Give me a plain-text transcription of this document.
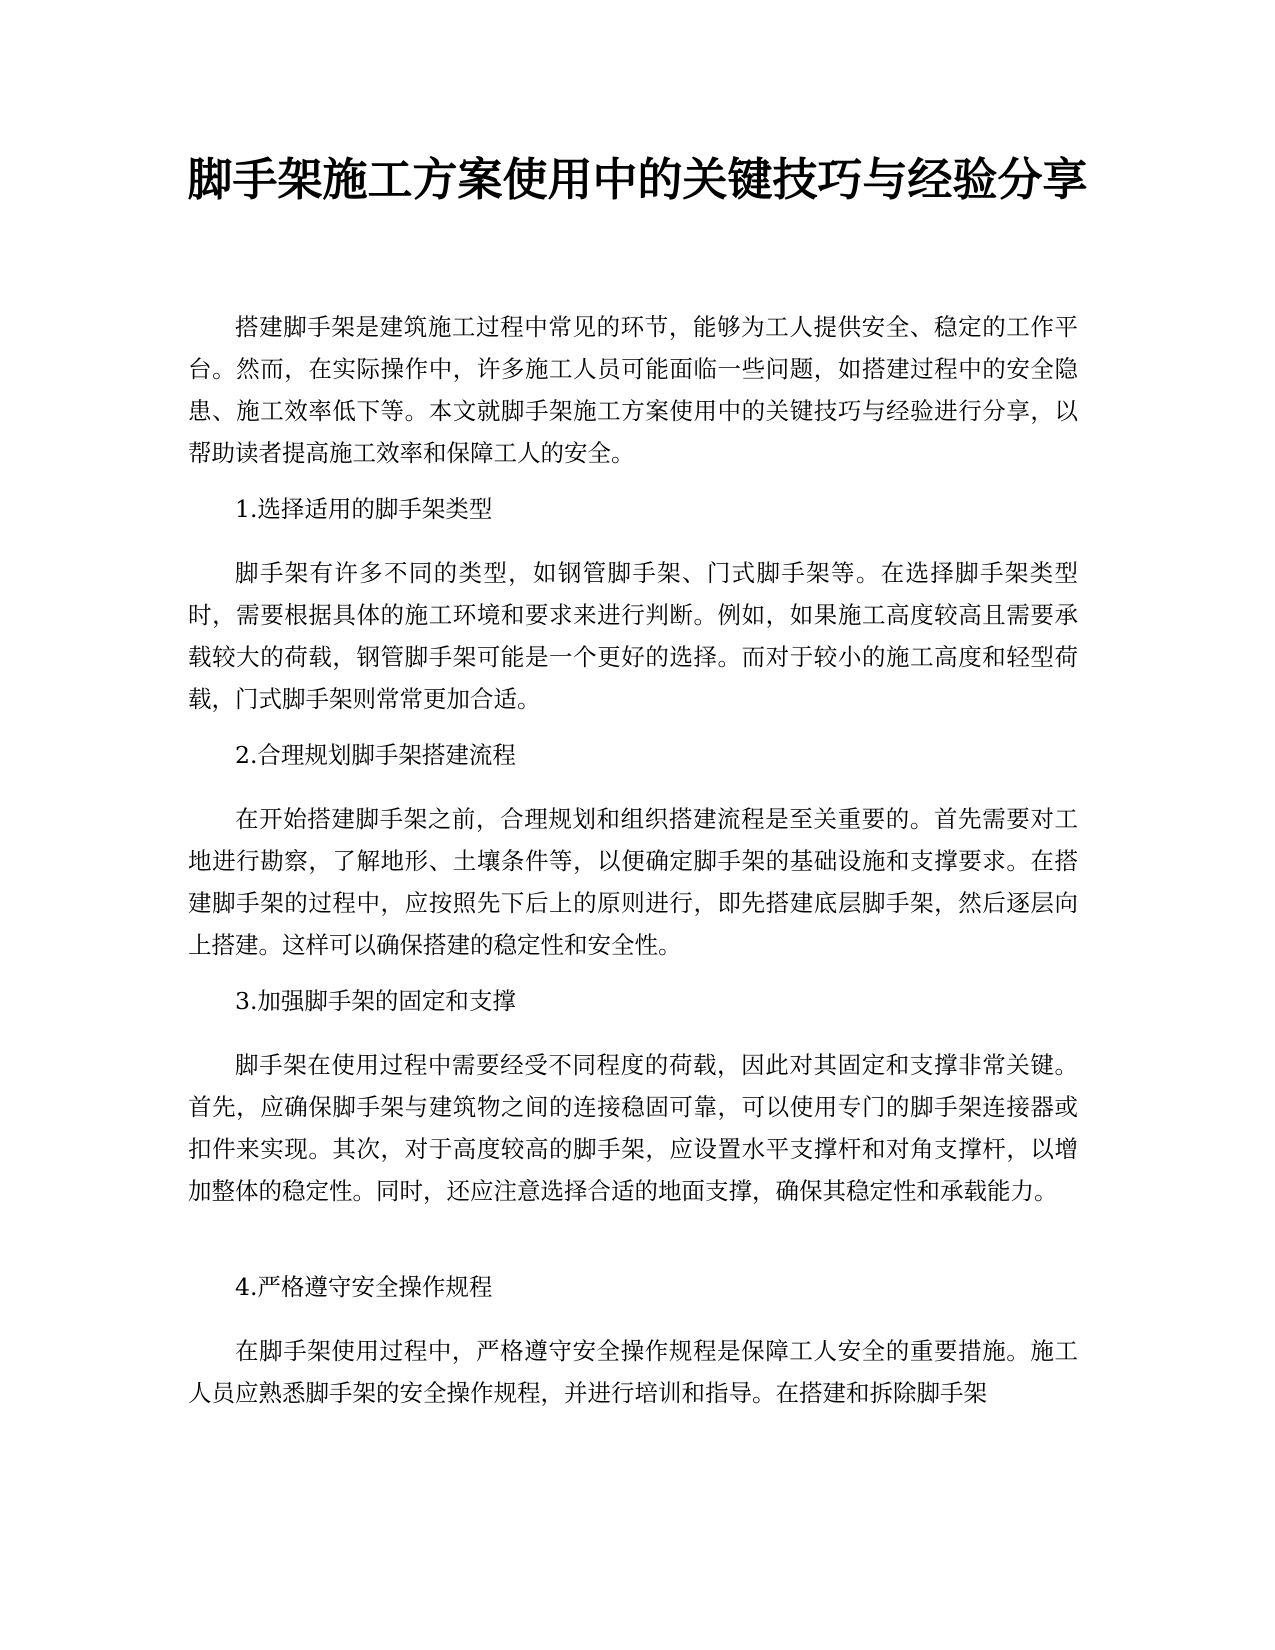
脚手架施工方案使用中的关键技巧与经验分享

搭建脚手架是建筑施工过程中常见的环节，能够为工人提供安全、稳定的工作平台。然而，在实际操作中，许多施工人员可能面临一些问题，如搭建过程中的安全隐患、施工效率低下等。本文就脚手架施工方案使用中的关键技巧与经验进行分享，以帮助读者提高施工效率和保障工人的安全。

1.选择适用的脚手架类型

脚手架有许多不同的类型，如钢管脚手架、门式脚手架等。在选择脚手架类型时，需要根据具体的施工环境和要求来进行判断。例如，如果施工高度较高且需要承载较大的荷载，钢管脚手架可能是一个更好的选择。而对于较小的施工高度和轻型荷载，门式脚手架则常常更加合适。

2.合理规划脚手架搭建流程

在开始搭建脚手架之前，合理规划和组织搭建流程是至关重要的。首先需要对工地进行勘察，了解地形、土壤条件等，以便确定脚手架的基础设施和支撑要求。在搭建脚手架的过程中，应按照先下后上的原则进行，即先搭建底层脚手架，然后逐层向上搭建。这样可以确保搭建的稳定性和安全性。

3.加强脚手架的固定和支撑

脚手架在使用过程中需要经受不同程度的荷载，因此对其固定和支撑非常关键。首先，应确保脚手架与建筑物之间的连接稳固可靠，可以使用专门的脚手架连接器或扣件来实现。其次，对于高度较高的脚手架，应设置水平支撑杆和对角支撑杆，以增加整体的稳定性。同时，还应注意选择合适的地面支撑，确保其稳定性和承载能力。

4.严格遵守安全操作规程

在脚手架使用过程中，严格遵守安全操作规程是保障工人安全的重要措施。施工人员应熟悉脚手架的安全操作规程，并进行培训和指导。在搭建和拆除脚手架
